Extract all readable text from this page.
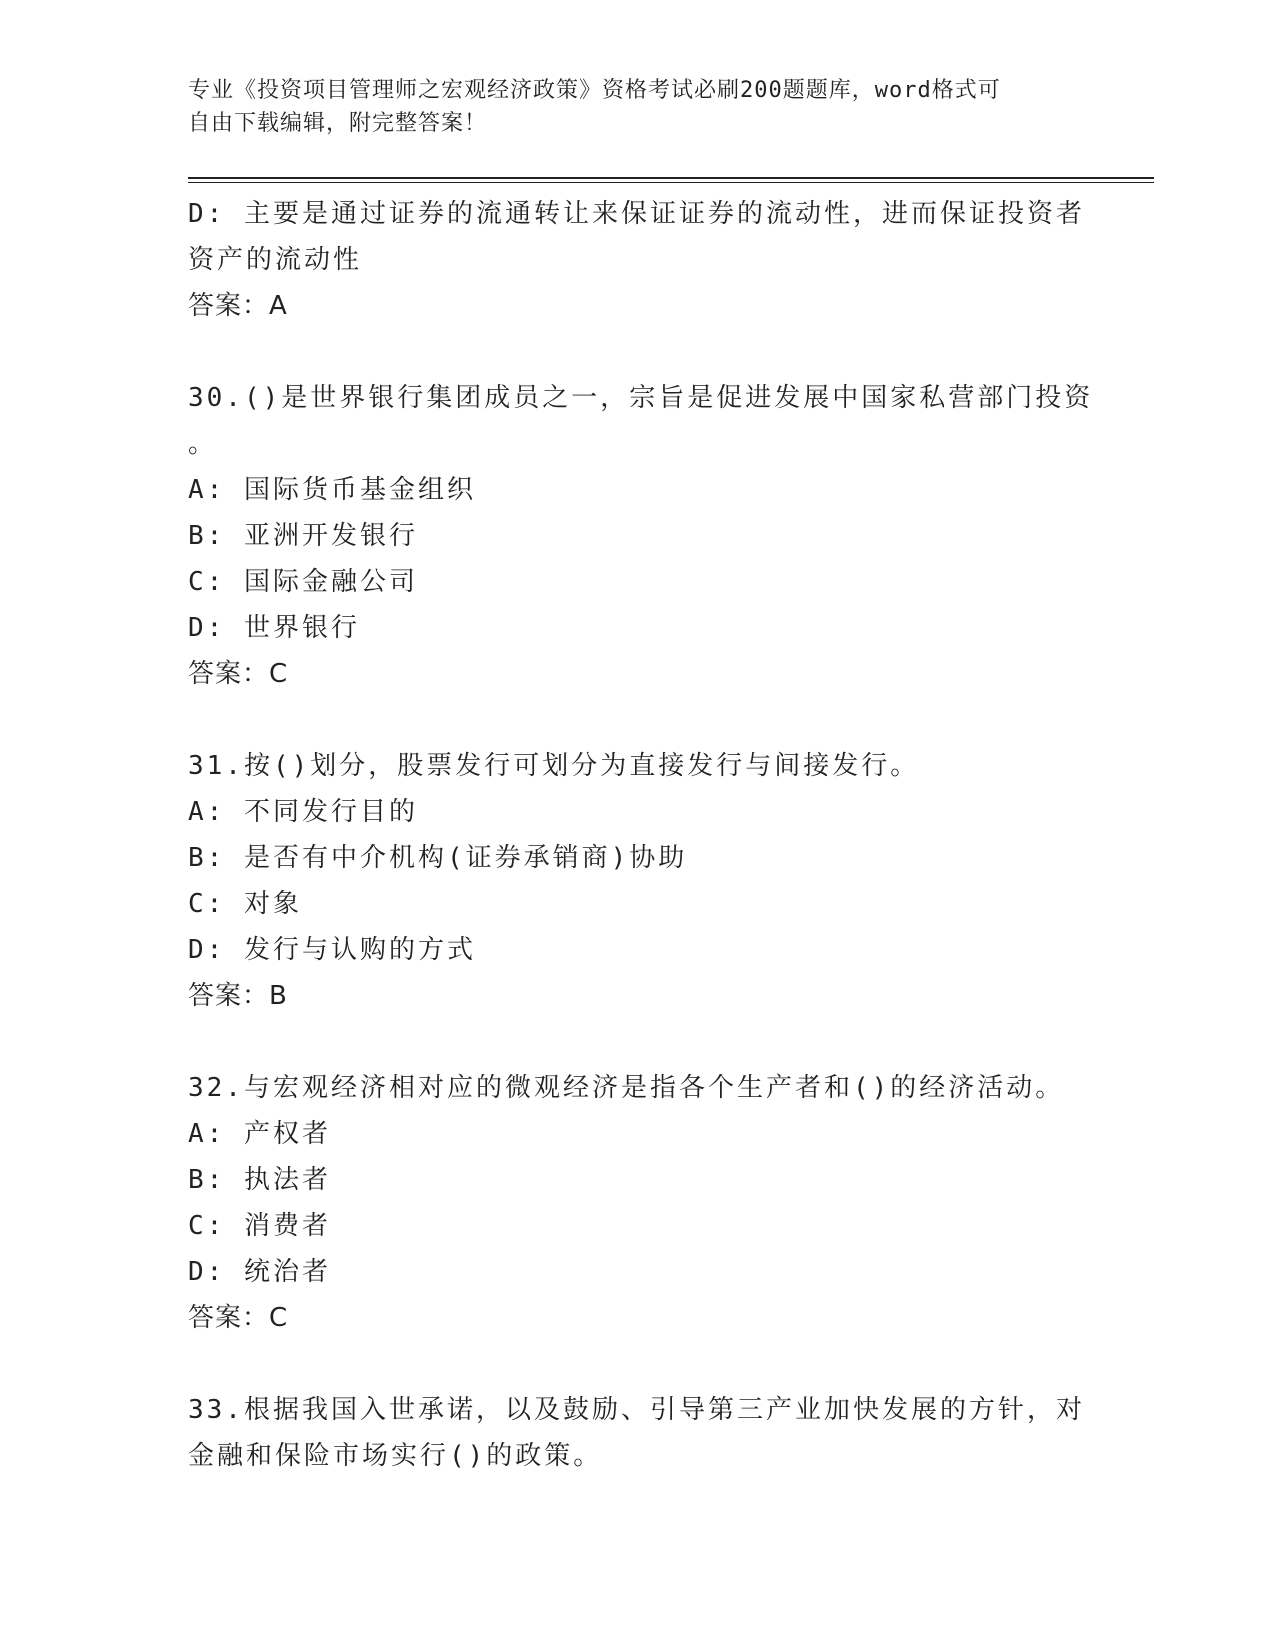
专业《投资项目管理师之宏观经济政策》资格考试必刷200题题库，word格式可
自由下载编辑，附完整答案！
D: 主要是通过证券的流通转让来保证证券的流动性，进而保证投资者
资产的流动性
答案：A
30.()是世界银行集团成员之一，宗旨是促进发展中国家私营部门投资
。
A: 国际货币基金组织
B: 亚洲开发银行
C: 国际金融公司
D: 世界银行
答案：C
31.按()划分，股票发行可划分为直接发行与间接发行。
A: 不同发行目的
B: 是否有中介机构(证券承销商)协助
C: 对象
D: 发行与认购的方式
答案：B
32.与宏观经济相对应的微观经济是指各个生产者和()的经济活动。
A: 产权者
B: 执法者
C: 消费者
D: 统治者
答案：C
33.根据我国入世承诺，以及鼓励、引导第三产业加快发展的方针，对
金融和保险市场实行()的政策。
